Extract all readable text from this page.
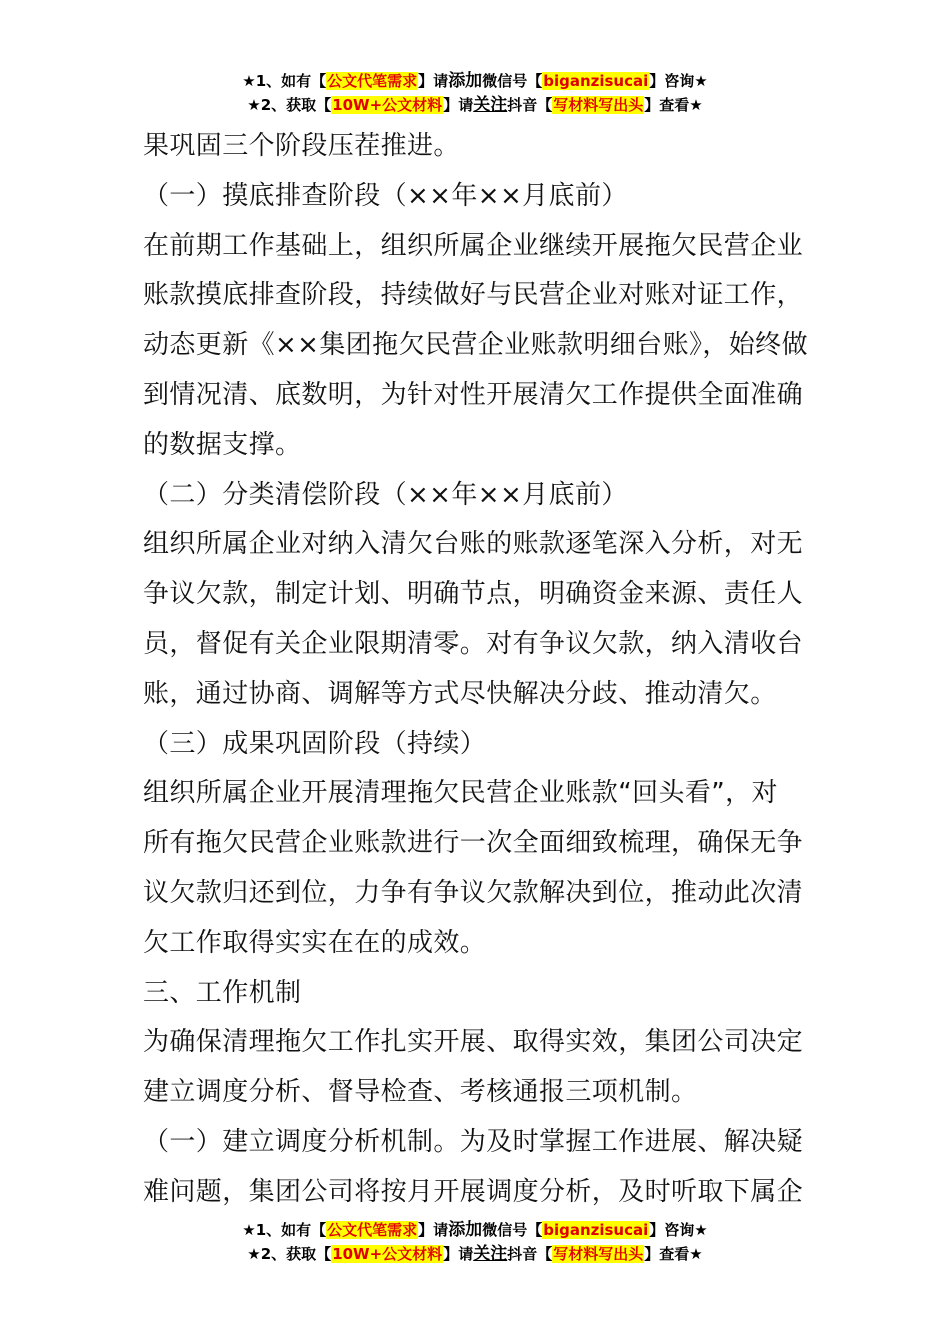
★1、如有【公文代笔需求】请添加微信号【biganzisucai】咨询★
★2、获取【10W+公文材料】请关注抖音【写材料写出头】查看★

果巩固三个阶段压茬推进。

（一）摸底排查阶段（××年××月底前）

在前期工作基础上，组织所属企业继续开展拖欠民营企业

账款摸底排查阶段，持续做好与民营企业对账对证工作，

动态更新《××集团拖欠民营企业账款明细台账》，始终做

到情况清、底数明，为针对性开展清欠工作提供全面准确

的数据支撑。

（二）分类清偿阶段（××年××月底前）

组织所属企业对纳入清欠台账的账款逐笔深入分析，对无

争议欠款，制定计划、明确节点，明确资金来源、责任人

员，督促有关企业限期清零。对有争议欠款，纳入清收台

账，通过协商、调解等方式尽快解决分歧、推动清欠。

（三）成果巩固阶段（持续）

组织所属企业开展清理拖欠民营企业账款“回头看”，对

所有拖欠民营企业账款进行一次全面细致梳理，确保无争

议欠款归还到位，力争有争议欠款解决到位，推动此次清

欠工作取得实实在在的成效。

三、工作机制

为确保清理拖欠工作扎实开展、取得实效，集团公司决定

建立调度分析、督导检查、考核通报三项机制。

（一）建立调度分析机制。为及时掌握工作进展、解决疑

难问题，集团公司将按月开展调度分析，及时听取下属企

★1、如有【公文代笔需求】请添加微信号【biganzisucai】咨询★
★2、获取【10W+公文材料】请关注抖音【写材料写出头】查看★
